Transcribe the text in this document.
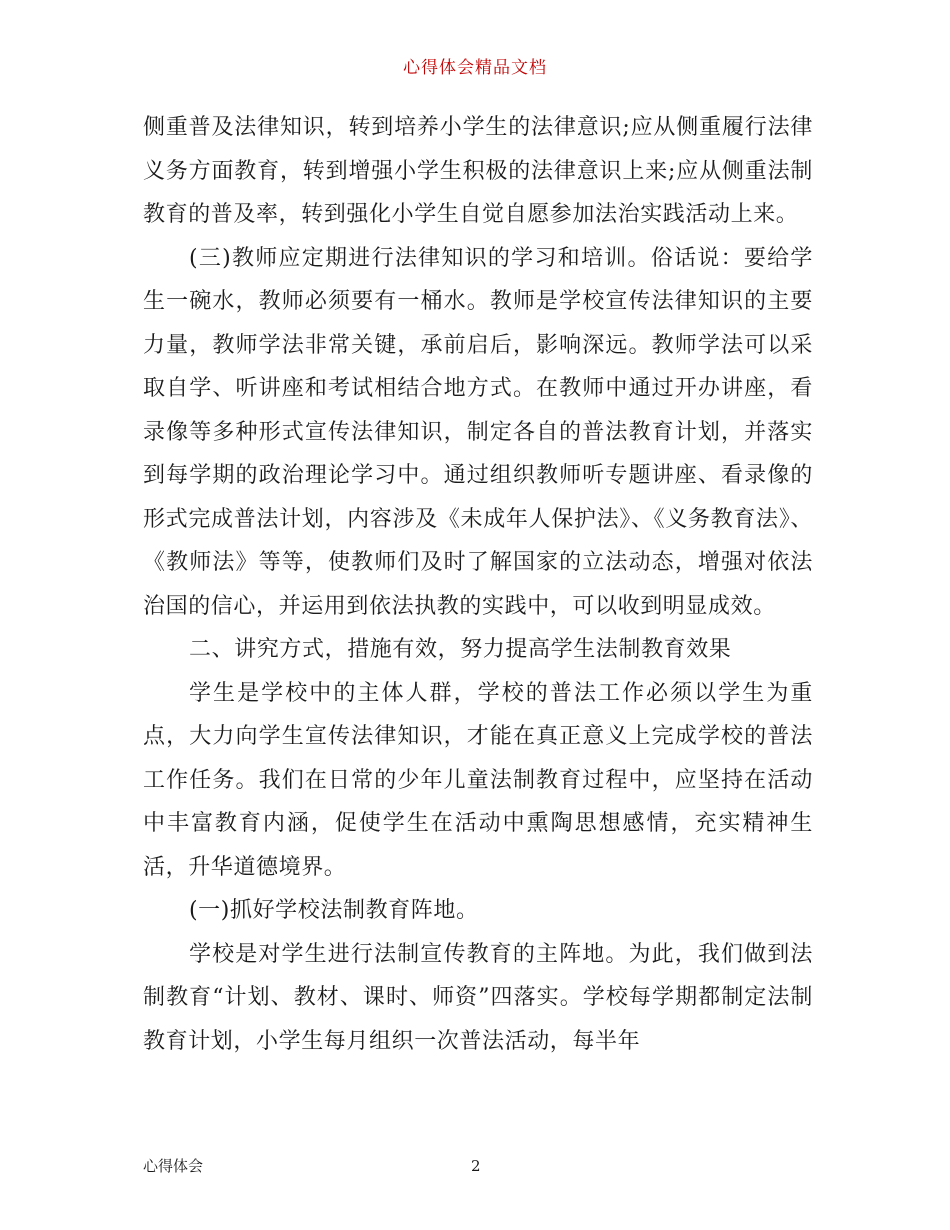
心得体会精品文档

侧重普及法律知识，转到培养小学生的法律意识;应从侧重履行法律义务方面教育，转到增强小学生积极的法律意识上来;应从侧重法制教育的普及率，转到强化小学生自觉自愿参加法治实践活动上来。

(三)教师应定期进行法律知识的学习和培训。俗话说：要给学生一碗水，教师必须要有一桶水。教师是学校宣传法律知识的主要力量，教师学法非常关键，承前启后，影响深远。教师学法可以采取自学、听讲座和考试相结合地方式。在教师中通过开办讲座，看录像等多种形式宣传法律知识，制定各自的普法教育计划，并落实到每学期的政治理论学习中。通过组织教师听专题讲座、看录像的形式完成普法计划，内容涉及《未成年人保护法》、《义务教育法》、《教师法》等等，使教师们及时了解国家的立法动态，增强对依法治国的信心，并运用到依法执教的实践中，可以收到明显成效。

二、讲究方式，措施有效，努力提高学生法制教育效果

学生是学校中的主体人群，学校的普法工作必须以学生为重点，大力向学生宣传法律知识，才能在真正意义上完成学校的普法工作任务。我们在日常的少年儿童法制教育过程中，应坚持在活动中丰富教育内涵，促使学生在活动中熏陶思想感情，充实精神生活，升华道德境界。

(一)抓好学校法制教育阵地。

学校是对学生进行法制宣传教育的主阵地。为此，我们做到法制教育“计划、教材、课时、师资”四落实。学校每学期都制定法制教育计划，小学生每月组织一次普法活动，每半年

心得体会	2
